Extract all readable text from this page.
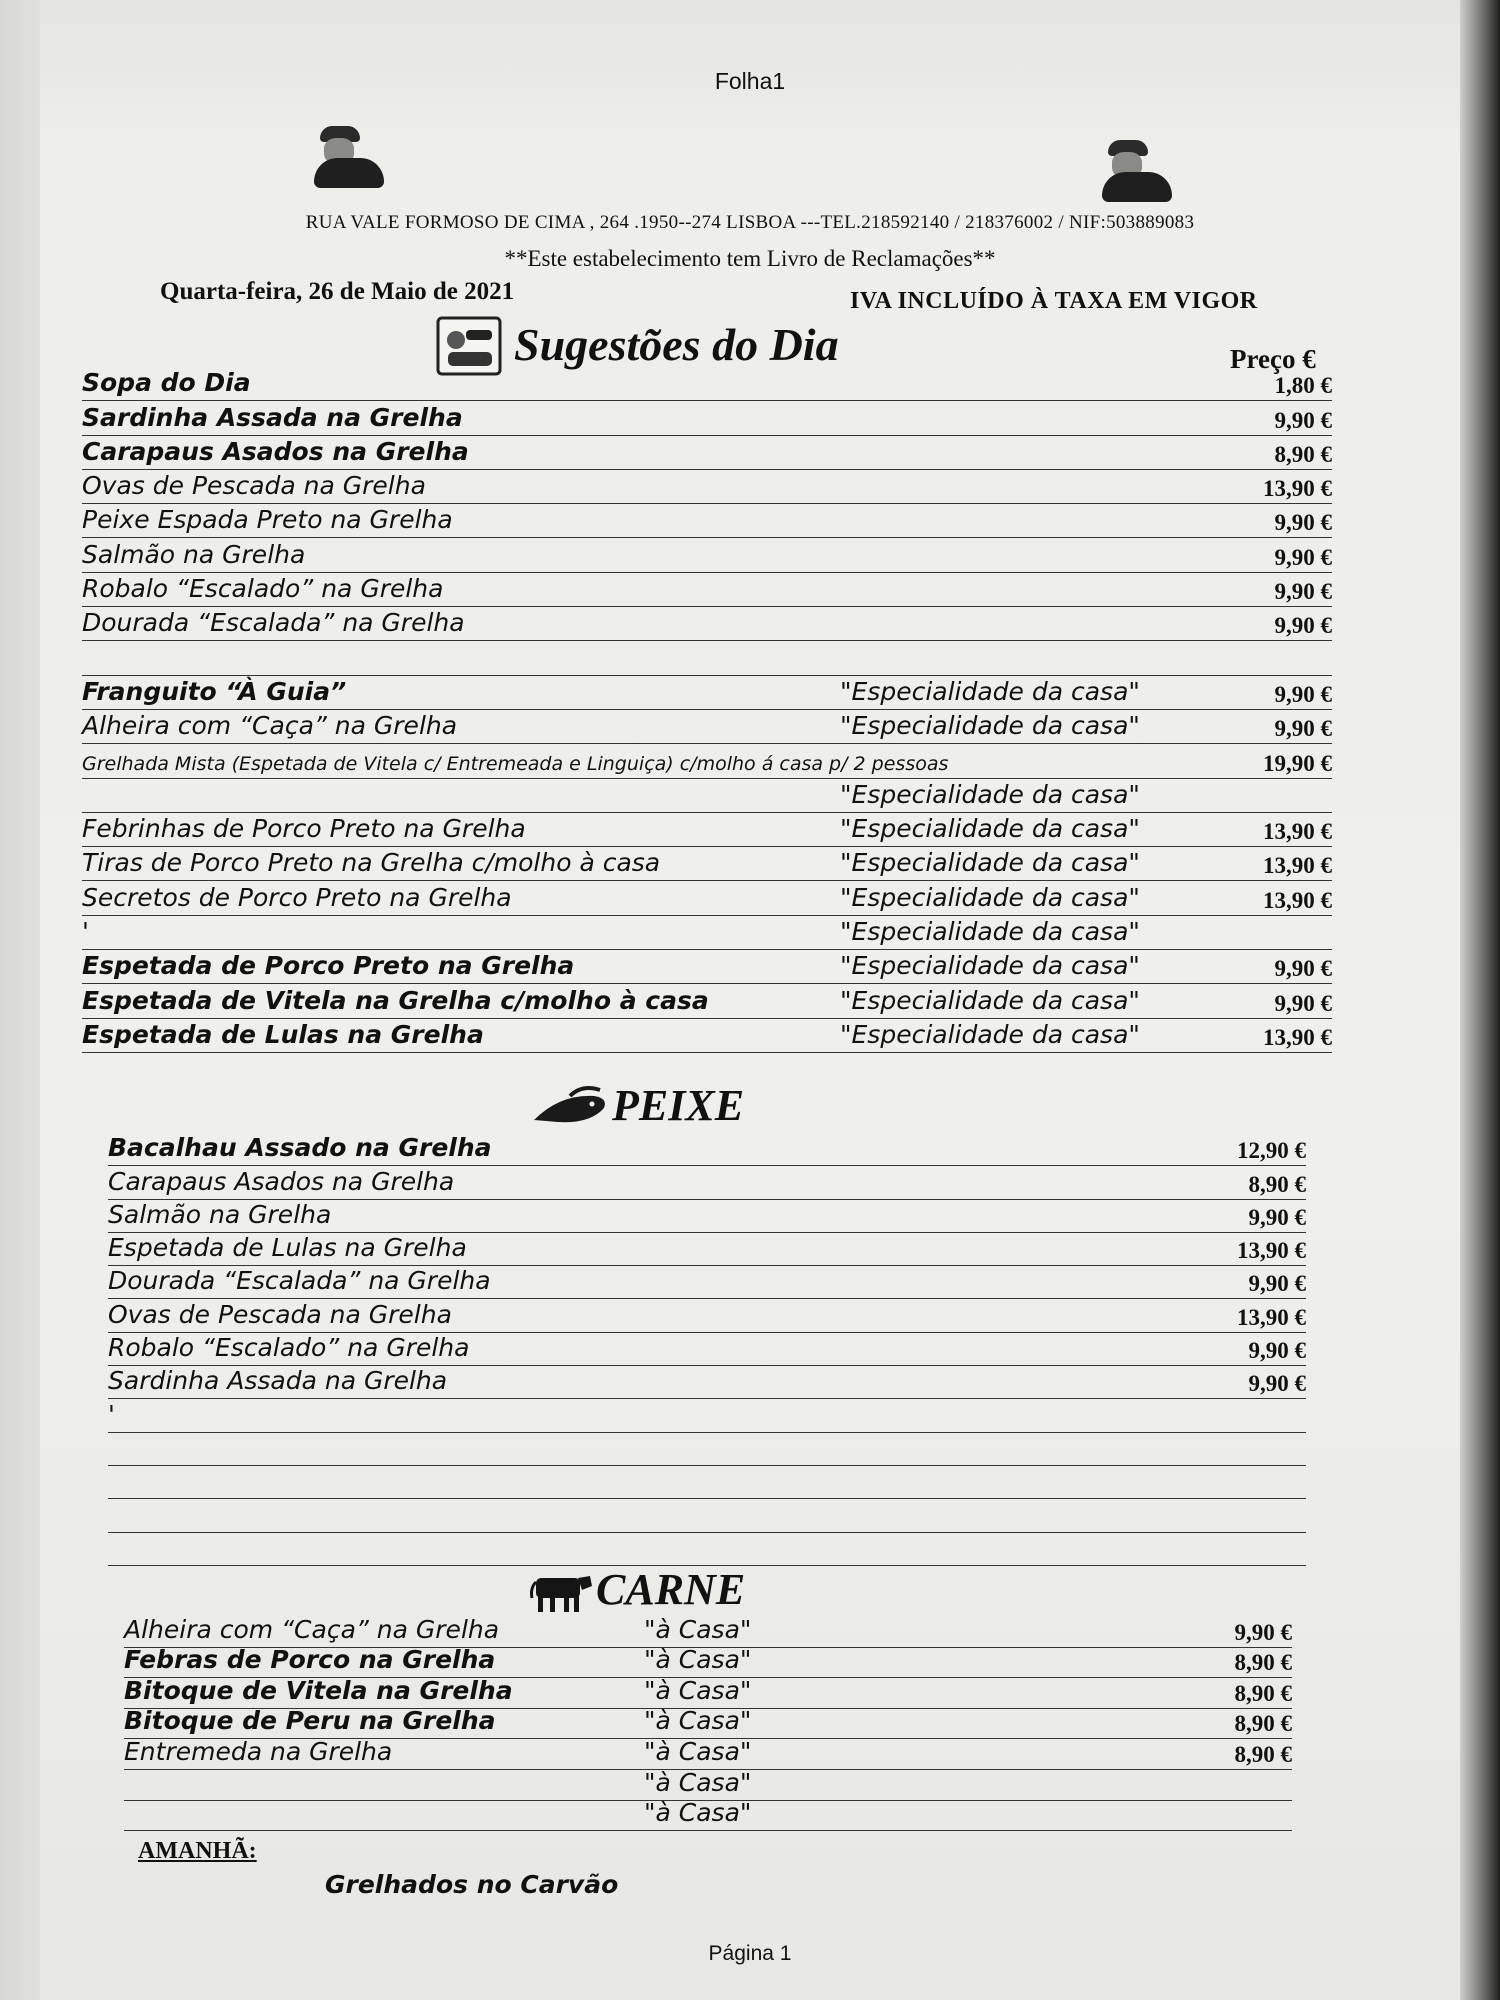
Folha1
RUA VALE FORMOSO DE CIMA , 264 .1950--274 LISBOA ---TEL.218592140 / 218376002 / NIF:503889083
**Este estabelecimento tem Livro de Reclamações**
Quarta-feira, 26 de Maio de 2021	IVA INCLUÍDO À TAXA EM VIGOR
Sugestões do Dia	Preço €
Sopa do Dia	1,80 €
Sardinha Assada na Grelha	9,90 €
Carapaus Asados na Grelha	8,90 €
Ovas de Pescada na Grelha	13,90 €
Peixe Espada Preto na Grelha	9,90 €
Salmão na Grelha	9,90 €
Robalo “Escalado” na Grelha	9,90 €
Dourada “Escalada” na Grelha	9,90 €
Franguito “À Guia”	"Especialidade da casa"	9,90 €
Alheira com “Caça” na Grelha	"Especialidade da casa"	9,90 €
Grelhada Mista (Espetada de Vitela c/ Entremeada e Linguiça) c/molho á casa p/ 2 pessoas	19,90 €
"Especialidade da casa"
Febrinhas de Porco Preto na Grelha	"Especialidade da casa"	13,90 €
Tiras de Porco Preto na Grelha c/molho à casa	"Especialidade da casa"	13,90 €
Secretos de Porco Preto na Grelha	"Especialidade da casa"	13,90 €
'	"Especialidade da casa"
Espetada de Porco Preto na Grelha	"Especialidade da casa"	9,90 €
Espetada de Vitela na Grelha c/molho à casa	"Especialidade da casa"	9,90 €
Espetada de Lulas na Grelha	"Especialidade da casa"	13,90 €
PEIXE
Bacalhau Assado na Grelha	12,90 €
Carapaus Asados na Grelha	8,90 €
Salmão na Grelha	9,90 €
Espetada de Lulas na Grelha	13,90 €
Dourada “Escalada” na Grelha	9,90 €
Ovas de Pescada na Grelha	13,90 €
Robalo “Escalado” na Grelha	9,90 €
Sardinha Assada na Grelha	9,90 €
'
CARNE
Alheira com “Caça” na Grelha	"à Casa"	9,90 €
Febras de Porco na Grelha	"à Casa"	8,90 €
Bitoque de Vitela na Grelha	"à Casa"	8,90 €
Bitoque de Peru na Grelha	"à Casa"	8,90 €
Entremeda na Grelha	"à Casa"	8,90 €
"à Casa"
"à Casa"
AMANHÃ:
Grelhados no Carvão
Página 1
